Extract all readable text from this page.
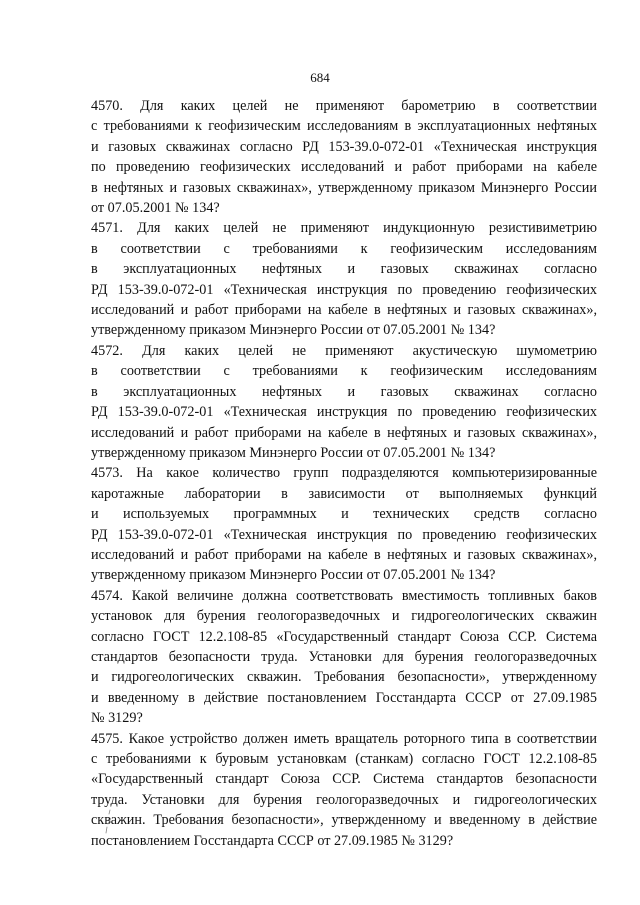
684

4570. Для каких целей не применяют барометрию в соответствии
с требованиями к геофизическим исследованиям в эксплуатационных нефтяных
и газовых скважинах согласно РД 153-39.0-072-01 «Техническая инструкция
по проведению геофизических исследований и работ приборами на кабеле
в нефтяных и газовых скважинах», утвержденному приказом Минэнерго России
от 07.05.2001 № 134?

4571. Для каких целей не применяют индукционную резистивиметрию
в соответствии с требованиями к геофизическим исследованиям
в эксплуатационных нефтяных и газовых скважинах согласно
РД 153-39.0-072-01 «Техническая инструкция по проведению геофизических
исследований и работ приборами на кабеле в нефтяных и газовых скважинах»,
утвержденному приказом Минэнерго России от 07.05.2001 № 134?

4572. Для каких целей не применяют акустическую шумометрию
в соответствии с требованиями к геофизическим исследованиям
в эксплуатационных нефтяных и газовых скважинах согласно
РД 153-39.0-072-01 «Техническая инструкция по проведению геофизических
исследований и работ приборами на кабеле в нефтяных и газовых скважинах»,
утвержденному приказом Минэнерго России от 07.05.2001 № 134?

4573. На какое количество групп подразделяются компьютеризированные
каротажные лаборатории в зависимости от выполняемых функций
и используемых программных и технических средств согласно
РД 153-39.0-072-01 «Техническая инструкция по проведению геофизических
исследований и работ приборами на кабеле в нефтяных и газовых скважинах»,
утвержденному приказом Минэнерго России от 07.05.2001 № 134?

4574. Какой величине должна соответствовать вместимость топливных баков
установок для бурения геологоразведочных и гидрогеологических скважин
согласно ГОСТ 12.2.108-85 «Государственный стандарт Союза ССР. Система
стандартов безопасности труда. Установки для бурения геологоразведочных
и гидрогеологических скважин. Требования безопасности», утвержденному
и введенному в действие постановлением Госстандарта СССР от 27.09.1985
№ 3129?

4575. Какое устройство должен иметь вращатель роторного типа в соответствии
с требованиями к буровым установкам (станкам) согласно ГОСТ 12.2.108-85
«Государственный стандарт Союза ССР. Система стандартов безопасности
труда. Установки для бурения геологоразведочных и гидрогеологических
скважин. Требования безопасности», утвержденному и введенному в действие
постановлением Госстандарта СССР от 27.09.1985 № 3129?
